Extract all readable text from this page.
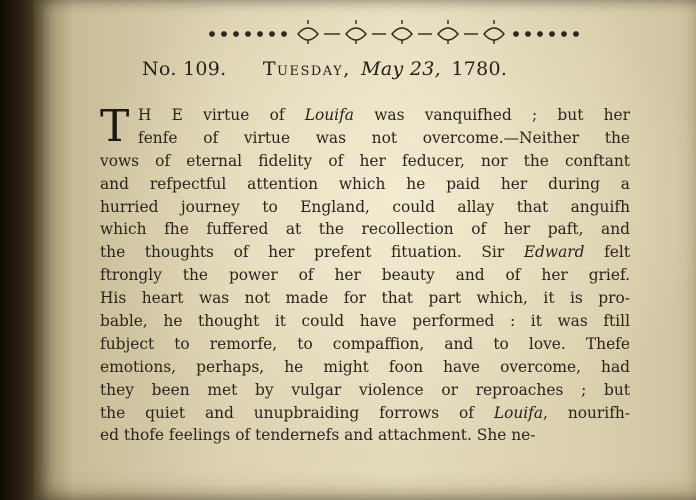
No. 109. Tuesday, May 23, 1780.
T H E virtue of Louifa was vanquifhed ; but her
fenfe of virtue was not overcome.—Neither the
vows of eternal fidelity of her feducer, nor the conftant
and refpectful attention which he paid her during a
hurried journey to England, could allay that anguifh
which fhe fuffered at the recollection of her paft, and
the thoughts of her prefent fituation. Sir Edward felt
ftrongly the power of her beauty and of her grief.
His heart was not made for that part which, it is pro-
bable, he thought it could have performed : it was ftill
fubject to remorfe, to compaffion, and to love. Thefe
emotions, perhaps, he might foon have overcome, had
they been met by vulgar violence or reproaches ; but
the quiet and unupbraiding forrows of Louifa, nourifh-
ed thofe feelings of tendernefs and attachment. She ne-
